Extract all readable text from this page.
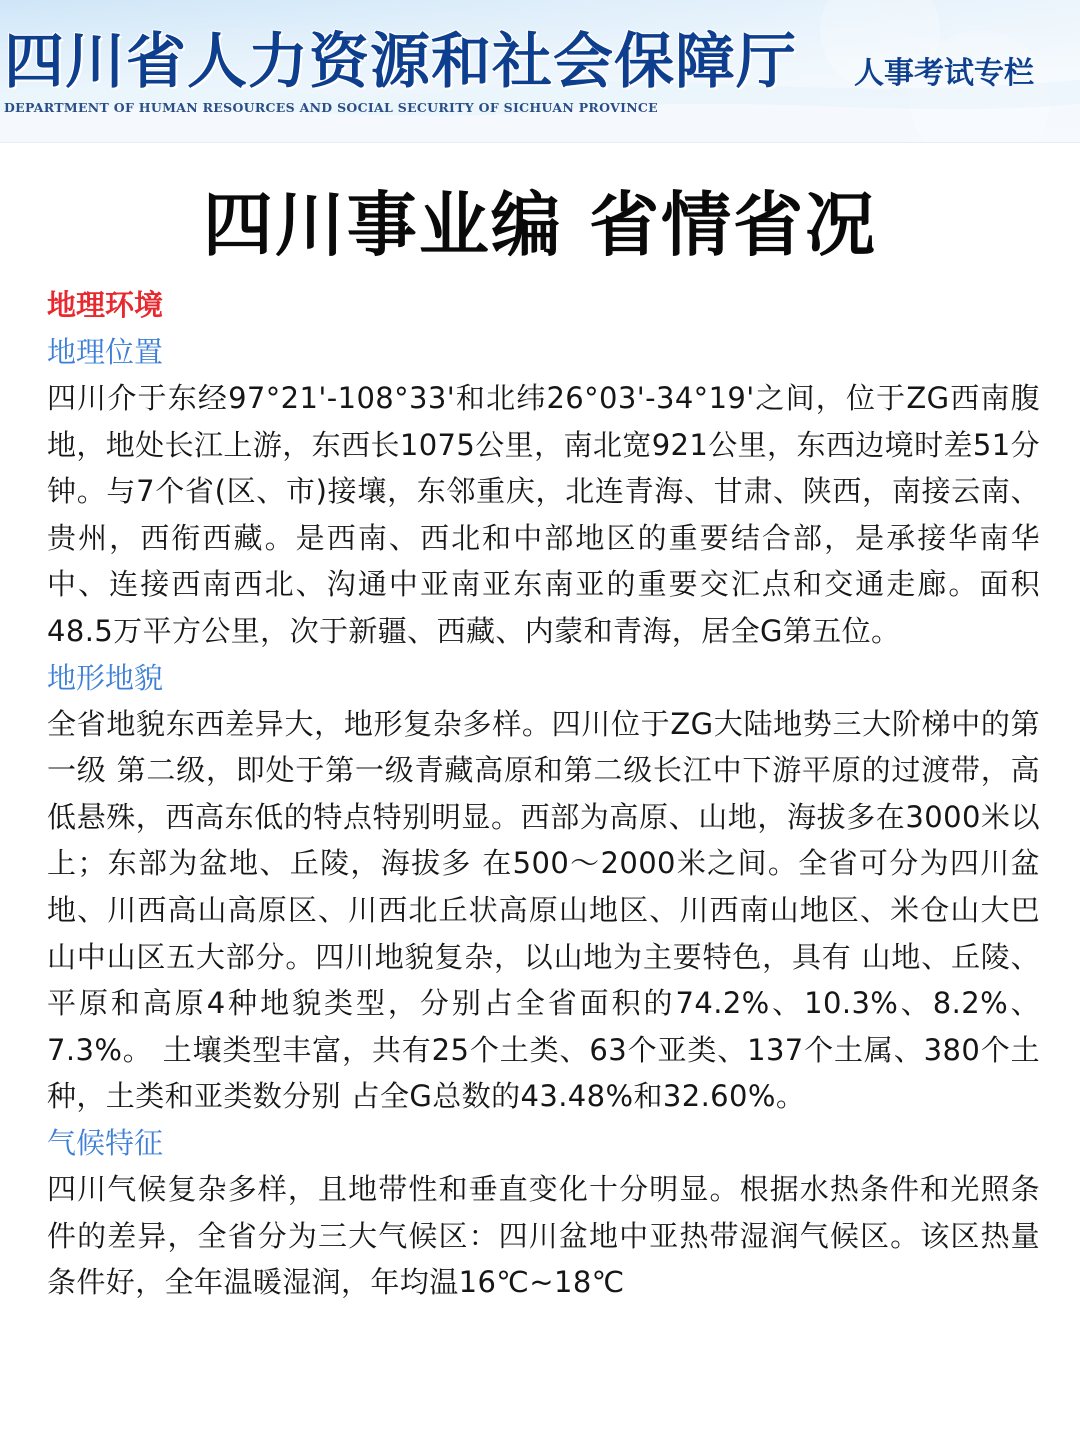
四川省人力资源和社会保障厅
DEPARTMENT OF HUMAN RESOURCES AND SOCIAL SECURITY OF SICHUAN PROVINCE
人事考试专栏
四川事业编 省情省况
地理环境
地理位置

四川介于东经97°21'-108°33'和北纬26°03'-34°19'之间，位于ZG西南腹地，地处长江上游，东西长1075公里，南北宽921公里，东西边境时差51分钟。与7个省(区、市)接壤，东邻重庆，北连青海、甘肃、陕西，南接云南、贵州，西衔西藏。是西南、西北和中部地区的重要结合部，是承接华南华中、连接西南西北、沟通中亚南亚东南亚的重要交汇点和交通走廊。面积48.5万平方公里，次于新疆、西藏、内蒙和青海，居全G第五位。

地形地貌

全省地貌东西差异大，地形复杂多样。四川位于ZG大陆地势三大阶梯中的第一级 第二级，即处于第一级青藏高原和第二级长江中下游平原的过渡带，高低悬殊，西高东低的特点特别明显。西部为高原、山地，海拔多在3000米以上；东部为盆地、丘陵，海拔多 在500～2000米之间。全省可分为四川盆地、川西高山高原区、川西北丘状高原山地区、川西南山地区、米仓山大巴山中山区五大部分。四川地貌复杂，以山地为主要特色，具有 山地、丘陵、平原和高原4种地貌类型，分别占全省面积的74.2%、10.3%、8.2%、7.3%。 土壤类型丰富，共有25个土类、63个亚类、137个土属、380个土种，土类和亚类数分别 占全G总数的43.48%和32.60%。

气候特征

四川气候复杂多样，且地带性和垂直变化十分明显。根据水热条件和光照条件的差异，全省分为三大气候区：四川盆地中亚热带湿润气候区。该区热量条件好，全年温暖湿润，年均温16℃~18℃
